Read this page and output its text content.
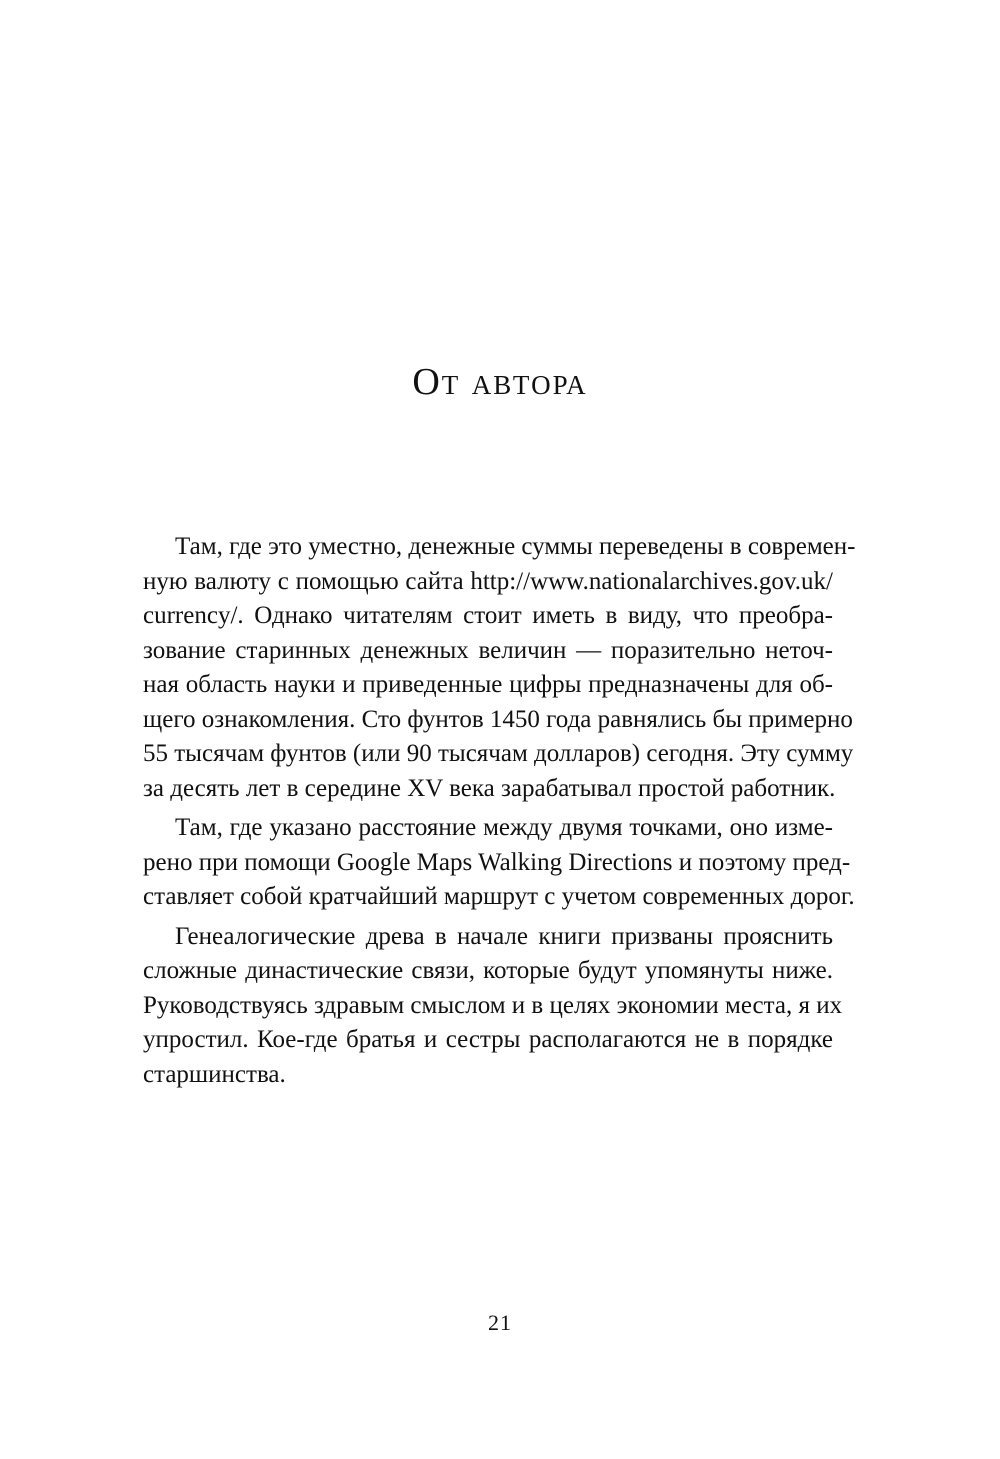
От автора
Там, где это уместно, денежные суммы переведены в современ-
ную валюту с помощью сайта http://www.nationalarchives.gov.uk/
currency/. Однако читателям стоит иметь в виду, что преобра-
зование старинных денежных величин — поразительно неточ-
ная область науки и приведенные цифры предназначены для об-
щего ознакомления. Сто фунтов 1450 года равнялись бы примерно
55 тысячам фунтов (или 90 тысячам долларов) сегодня. Эту сумму
за десять лет в середине XV века зарабатывал простой работник.
Там, где указано расстояние между двумя точками, оно изме-
рено при помощи Google Maps Walking Directions и поэтому пред-
ставляет собой кратчайший маршрут с учетом современных дорог.
Генеалогические древа в начале книги призваны прояснить
сложные династические связи, которые будут упомянуты ниже.
Руководствуясь здравым смыслом и в целях экономии места, я их
упростил. Кое-где братья и сестры располагаются не в порядке
старшинства.
21
